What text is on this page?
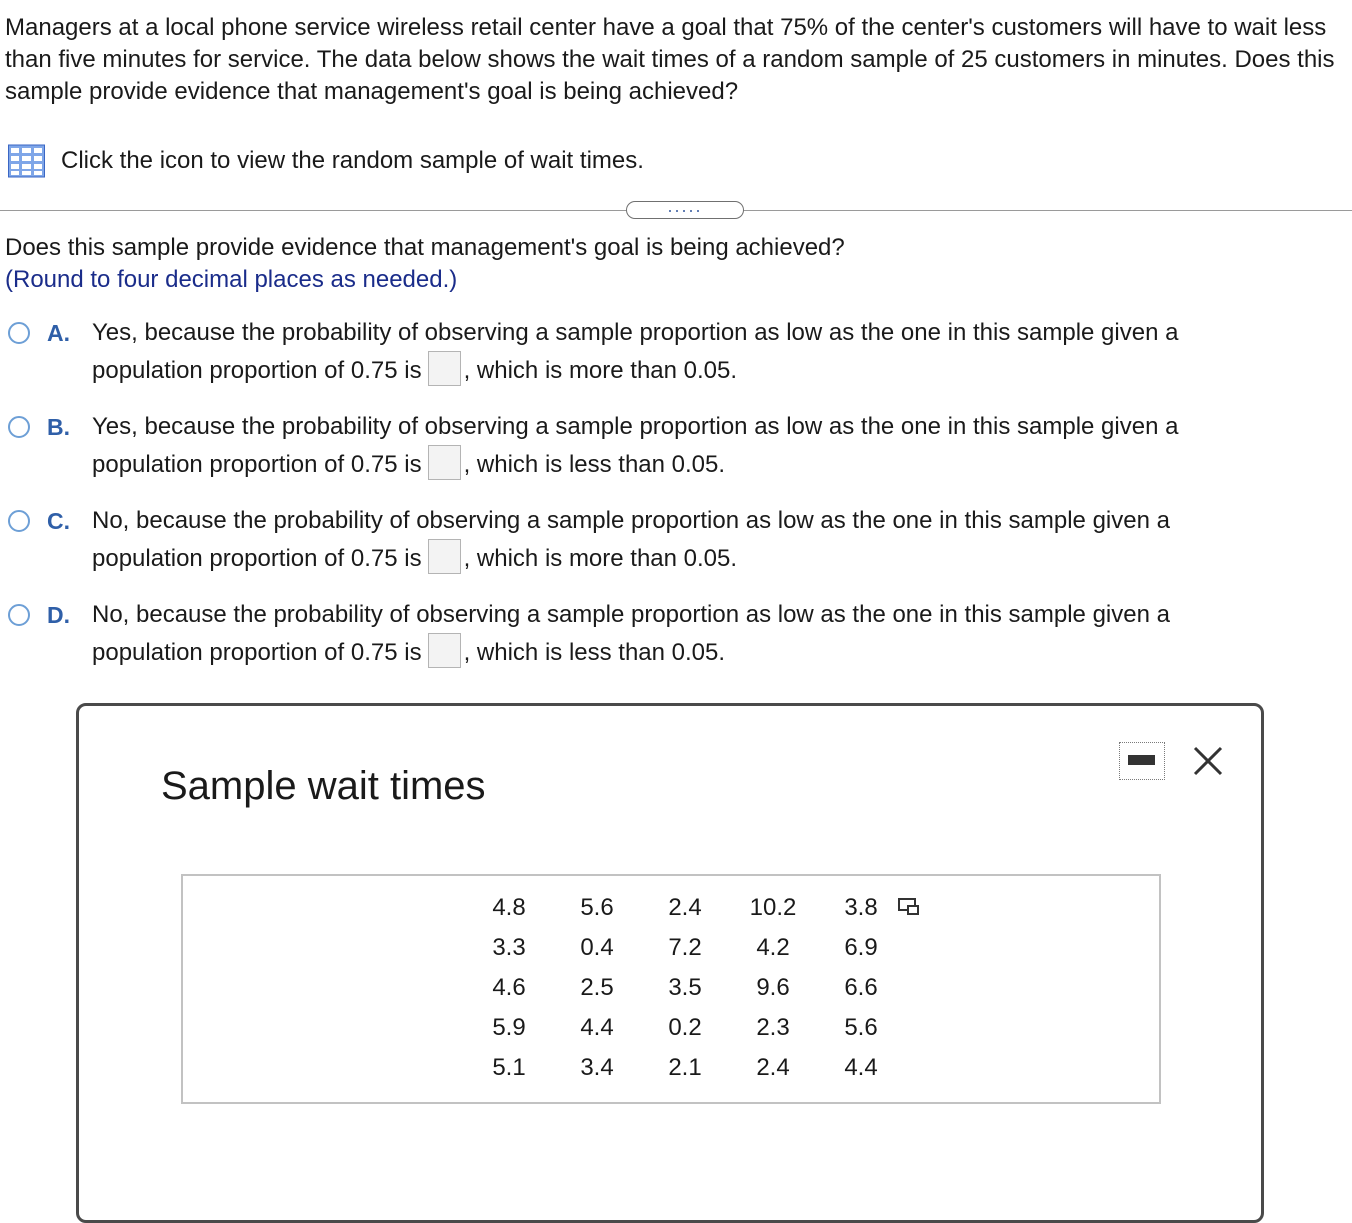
Managers at a local phone service wireless retail center have a goal that 75% of the center's customers will have to wait less than five minutes for service. The data below shows the wait times of a random sample of 25 customers in minutes. Does this sample provide evidence that management's goal is being achieved?
Click the icon to view the random sample of wait times.
.....
Does this sample provide evidence that management's goal is being achieved?
(Round to four decimal places as needed.)
A. Yes, because the probability of observing a sample proportion as low as the one in this sample given a
population proportion of 0.75 is , which is more than 0.05.
B. Yes, because the probability of observing a sample proportion as low as the one in this sample given a
population proportion of 0.75 is , which is less than 0.05.
C. No, because the probability of observing a sample proportion as low as the one in this sample given a
population proportion of 0.75 is , which is more than 0.05.
D. No, because the probability of observing a sample proportion as low as the one in this sample given a
population proportion of 0.75 is , which is less than 0.05.
Sample wait times
4.8	5.6	2.4	10.2	3.8
3.3	0.4	7.2	4.2	6.9
4.6	2.5	3.5	9.6	6.6
5.9	4.4	0.2	2.3	5.6
5.1	3.4	2.1	2.4	4.4
